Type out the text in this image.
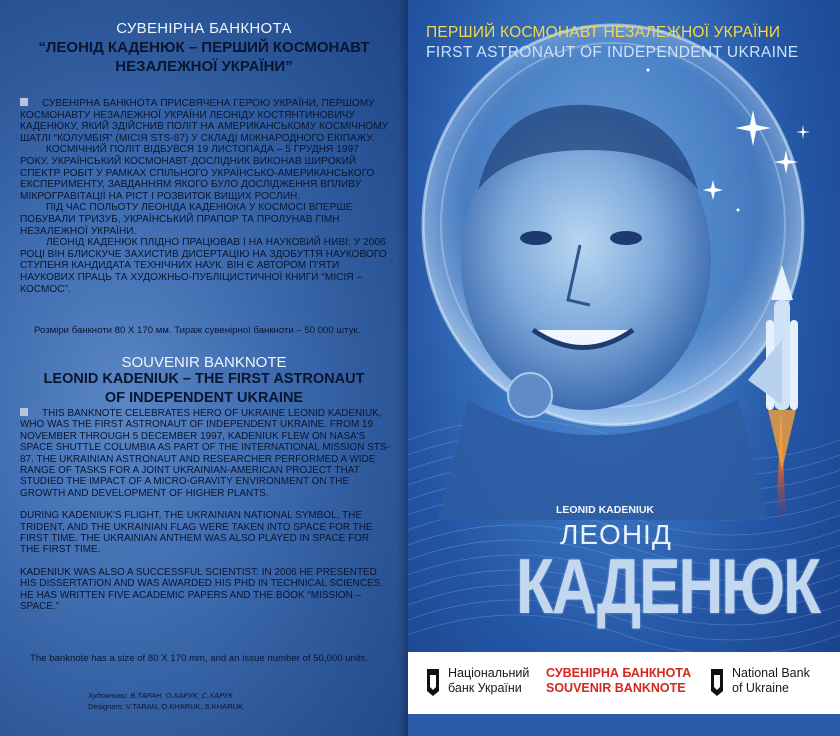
СУВЕНІРНА БАНКНОТА
“ЛЕОНІД КАДЕНЮК – ПЕРШИЙ КОСМОНАВТ
НЕЗАЛЕЖНОЇ УКРАЇНИ”

СУВЕНІРНА БАНКНОТА ПРИСВЯЧЕНА ГЕРОЮ УКРАЇНИ, ПЕРШОМУ КОСМОНАВТУ НЕЗАЛЕЖНОЇ УКРАЇНИ ЛЕОНІДУ КОСТЯНТИНОВИЧУ КАДЕНЮКУ, ЯКИЙ ЗДІЙСНИВ ПОЛІТ НА АМЕРИКАНСЬКОМУ КОСМІЧНОМУ ШАТЛІ “КОЛУМБІЯ” (МІСІЯ STS-87) У СКЛАДІ МІЖНАРОДНОГО ЕКІПАЖУ.

КОСМІЧНИЙ ПОЛІТ ВІДБУВСЯ 19 ЛИСТОПАДА – 5 ГРУДНЯ 1997 РОКУ. УКРАЇНСЬКИЙ КОСМОНАВТ-ДОСЛІДНИК ВИКОНАВ ШИРОКИЙ СПЕКТР РОБІТ У РАМКАХ СПІЛЬНОГО УКРАЇНСЬКО-АМЕРИКАНСЬКОГО ЕКСПЕРИМЕНТУ, ЗАВДАННЯМ ЯКОГО БУЛО ДОСЛІДЖЕННЯ ВПЛИВУ МІКРОГРАВІТАЦІЇ НА РІСТ І РОЗВИТОК ВИЩИХ РОСЛИН.

ПІД ЧАС ПОЛЬОТУ ЛЕОНІДА КАДЕНЮКА У КОСМОСІ ВПЕРШЕ ПОБУВАЛИ ТРИЗУБ, УКРАЇНСЬКИЙ ПРАПОР ТА ПРОЛУНАВ ГІМН НЕЗАЛЕЖНОЇ УКРАЇНИ.

ЛЕОНІД КАДЕНЮК ПЛІДНО ПРАЦЮВАВ І НА НАУКОВИЙ НИВІ: У 2006 РОЦІ ВІН БЛИСКУЧЕ ЗАХИСТИВ ДИСЕРТАЦІЮ НА ЗДОБУТТЯ НАУКОВОГО СТУПЕНЯ КАНДИДАТА ТЕХНІЧНИХ НАУК. ВІН Є АВТОРОМ П'ЯТИ НАУКОВИХ ПРАЦЬ ТА ХУДОЖНЬО-ПУБЛІЦИСТИЧНОЇ КНИГИ “МІСІЯ – КОСМОС”.

Розміри банкноти 80 Х 170 мм. Тираж сувенірної банкноти – 50 000 штук.
SOUVENIR BANKNOTE
LEONID KADENIUK – THE FIRST ASTRONAUT
OF INDEPENDENT UKRAINE

THIS BANKNOTE CELEBRATES HERO OF UKRAINE LEONID KADENIUK, WHO WAS THE FIRST ASTRONAUT OF INDEPENDENT UKRAINE. FROM 19 NOVEMBER THROUGH 5 DECEMBER 1997, KADENIUK FLEW ON NASA'S SPACE SHUTTLE COLUMBIA AS PART OF THE INTERNATIONAL MISSION STS-87. THE UKRAINIAN ASTRONAUT AND RESEARCHER PERFORMED A WIDE RANGE OF TASKS FOR A JOINT UKRAINIAN-AMERICAN PROJECT THAT STUDIED THE IMPACT OF A MICRO-GRAVITY ENVIRONMENT ON THE GROWTH AND DEVELOPMENT OF HIGHER PLANTS.

DURING KADENIUK'S FLIGHT, THE UKRAINIAN NATIONAL SYMBOL, THE TRIDENT, AND THE UKRAINIAN FLAG WERE TAKEN INTO SPACE FOR THE FIRST TIME. THE UKRAINIAN ANTHEM WAS ALSO PLAYED IN SPACE FOR THE FIRST TIME.

KADENIUK WAS ALSO A SUCCESSFUL SCIENTIST: IN 2006 HE PRESENTED HIS DISSERTATION AND WAS AWARDED HIS PHD IN TECHNICAL SCIENCES. HE HAS WRITTEN FIVE ACADEMIC PAPERS AND THE BOOK “MISSION – SPACE.”

The banknote has a size of 80 X 170 mm, and an issue number of 50,000 units.
Художники: В.ТАРАН, О.ХАРУК, С.ХАРУК
Designers: V.TARAN, O.KHARUK, S.KHARUK
ПЕРШИЙ КОСМОНАВТ НЕЗАЛЕЖНОЇ УКРАЇНИ
FIRST ASTRONAUT OF INDEPENDENT UKRAINE
LEONID KADENIUK
ЛЕОНІД
КАДЕНЮК
Національний
банк України
СУВЕНІРНА БАНКНОТА
SOUVENIR BANKNOTE
National Bank
of Ukraine
